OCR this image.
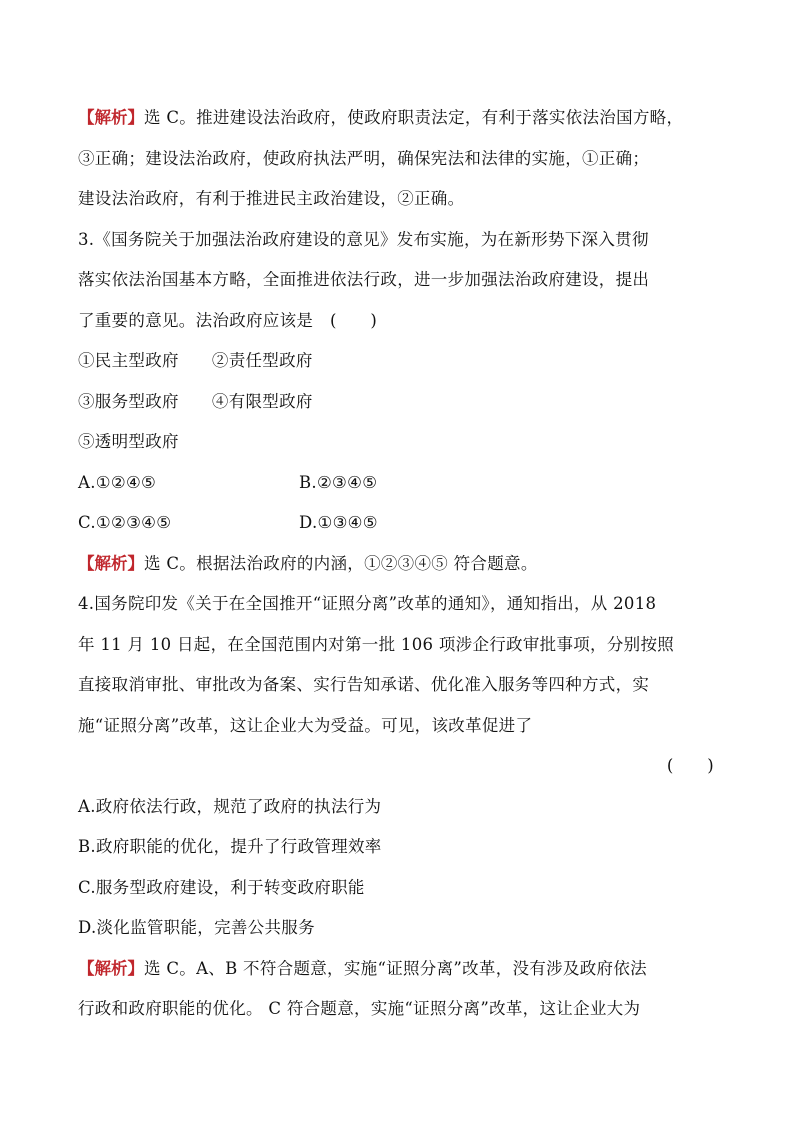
【解析】选 C。推进建设法治政府，使政府职责法定，有利于落实依法治国方略，
③正确；建设法治政府，使政府执法严明，确保宪法和法律的实施，①正确；
建设法治政府，有利于推进民主政治建设，②正确。
3.《国务院关于加强法治政府建设的意见》发布实施，为在新形势下深入贯彻
落实依法治国基本方略，全面推进依法行政，进一步加强法治政府建设，提出
了重要的意见。法治政府应该是　(　　)
①民主型政府 ②责任型政府
③服务型政府 ④有限型政府
⑤透明型政府
A.①②④⑤	B.②③④⑤
C.①②③④⑤	D.①③④⑤
【解析】选 C。根据法治政府的内涵，①②③④⑤ 符合题意。
4.国务院印发《关于在全国推开“证照分离”改革的通知》，通知指出，从 2018
年 11 月 10 日起，在全国范围内对第一批 106 项涉企行政审批事项，分别按照
直接取消审批、审批改为备案、实行告知承诺、优化准入服务等四种方式，实
施“证照分离”改革，这让企业大为受益。可见，该改革促进了
(　　)
A.政府依法行政，规范了政府的执法行为
B.政府职能的优化，提升了行政管理效率
C.服务型政府建设，利于转变政府职能
D.淡化监管职能，完善公共服务
【解析】选 C。A、B 不符合题意，实施“证照分离”改革，没有涉及政府依法
行政和政府职能的优化。 C 符合题意，实施“证照分离”改革，这让企业大为
